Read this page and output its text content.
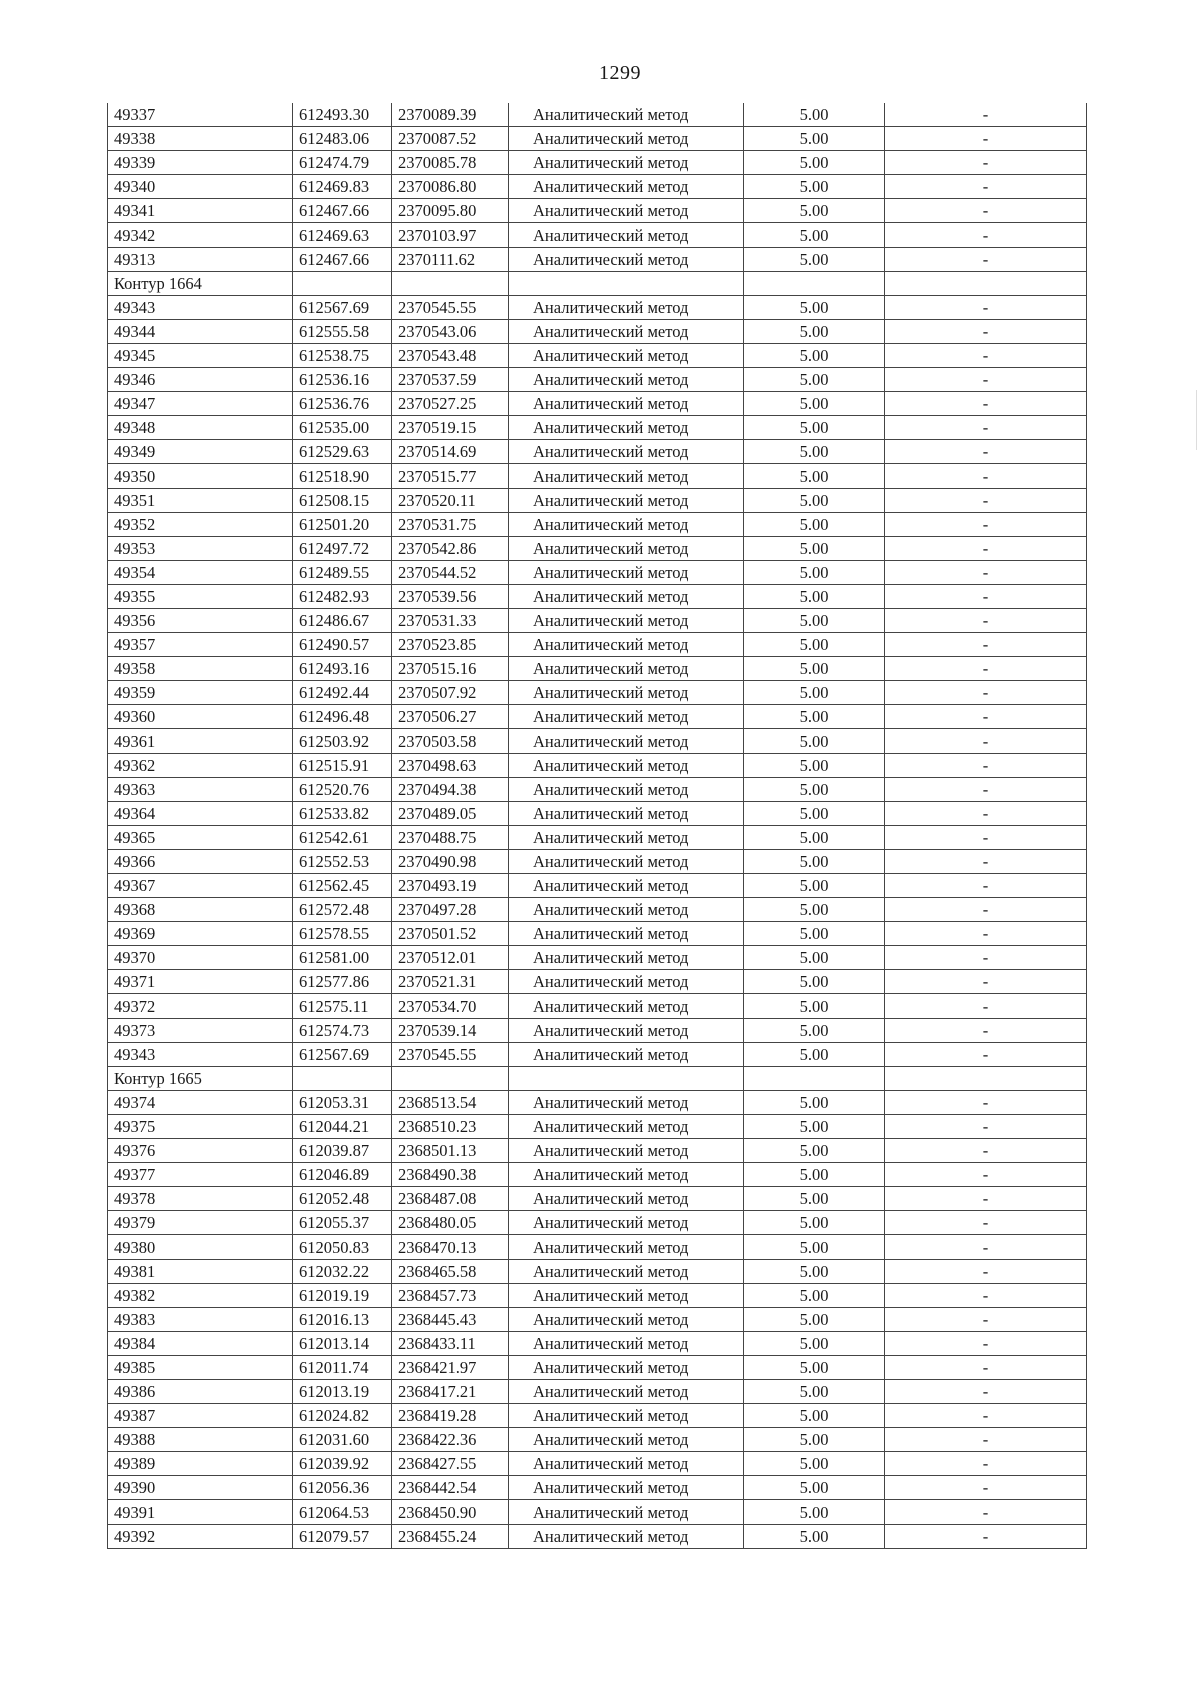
1299
49337	612493.30	2370089.39	Аналитический метод	5.00	-
49338	612483.06	2370087.52	Аналитический метод	5.00	-
49339	612474.79	2370085.78	Аналитический метод	5.00	-
49340	612469.83	2370086.80	Аналитический метод	5.00	-
49341	612467.66	2370095.80	Аналитический метод	5.00	-
49342	612469.63	2370103.97	Аналитический метод	5.00	-
49313	612467.66	2370111.62	Аналитический метод	5.00	-
Контур 1664					
49343	612567.69	2370545.55	Аналитический метод	5.00	-
49344	612555.58	2370543.06	Аналитический метод	5.00	-
49345	612538.75	2370543.48	Аналитический метод	5.00	-
49346	612536.16	2370537.59	Аналитический метод	5.00	-
49347	612536.76	2370527.25	Аналитический метод	5.00	-
49348	612535.00	2370519.15	Аналитический метод	5.00	-
49349	612529.63	2370514.69	Аналитический метод	5.00	-
49350	612518.90	2370515.77	Аналитический метод	5.00	-
49351	612508.15	2370520.11	Аналитический метод	5.00	-
49352	612501.20	2370531.75	Аналитический метод	5.00	-
49353	612497.72	2370542.86	Аналитический метод	5.00	-
49354	612489.55	2370544.52	Аналитический метод	5.00	-
49355	612482.93	2370539.56	Аналитический метод	5.00	-
49356	612486.67	2370531.33	Аналитический метод	5.00	-
49357	612490.57	2370523.85	Аналитический метод	5.00	-
49358	612493.16	2370515.16	Аналитический метод	5.00	-
49359	612492.44	2370507.92	Аналитический метод	5.00	-
49360	612496.48	2370506.27	Аналитический метод	5.00	-
49361	612503.92	2370503.58	Аналитический метод	5.00	-
49362	612515.91	2370498.63	Аналитический метод	5.00	-
49363	612520.76	2370494.38	Аналитический метод	5.00	-
49364	612533.82	2370489.05	Аналитический метод	5.00	-
49365	612542.61	2370488.75	Аналитический метод	5.00	-
49366	612552.53	2370490.98	Аналитический метод	5.00	-
49367	612562.45	2370493.19	Аналитический метод	5.00	-
49368	612572.48	2370497.28	Аналитический метод	5.00	-
49369	612578.55	2370501.52	Аналитический метод	5.00	-
49370	612581.00	2370512.01	Аналитический метод	5.00	-
49371	612577.86	2370521.31	Аналитический метод	5.00	-
49372	612575.11	2370534.70	Аналитический метод	5.00	-
49373	612574.73	2370539.14	Аналитический метод	5.00	-
49343	612567.69	2370545.55	Аналитический метод	5.00	-
Контур 1665					
49374	612053.31	2368513.54	Аналитический метод	5.00	-
49375	612044.21	2368510.23	Аналитический метод	5.00	-
49376	612039.87	2368501.13	Аналитический метод	5.00	-
49377	612046.89	2368490.38	Аналитический метод	5.00	-
49378	612052.48	2368487.08	Аналитический метод	5.00	-
49379	612055.37	2368480.05	Аналитический метод	5.00	-
49380	612050.83	2368470.13	Аналитический метод	5.00	-
49381	612032.22	2368465.58	Аналитический метод	5.00	-
49382	612019.19	2368457.73	Аналитический метод	5.00	-
49383	612016.13	2368445.43	Аналитический метод	5.00	-
49384	612013.14	2368433.11	Аналитический метод	5.00	-
49385	612011.74	2368421.97	Аналитический метод	5.00	-
49386	612013.19	2368417.21	Аналитический метод	5.00	-
49387	612024.82	2368419.28	Аналитический метод	5.00	-
49388	612031.60	2368422.36	Аналитический метод	5.00	-
49389	612039.92	2368427.55	Аналитический метод	5.00	-
49390	612056.36	2368442.54	Аналитический метод	5.00	-
49391	612064.53	2368450.90	Аналитический метод	5.00	-
49392	612079.57	2368455.24	Аналитический метод	5.00	-
